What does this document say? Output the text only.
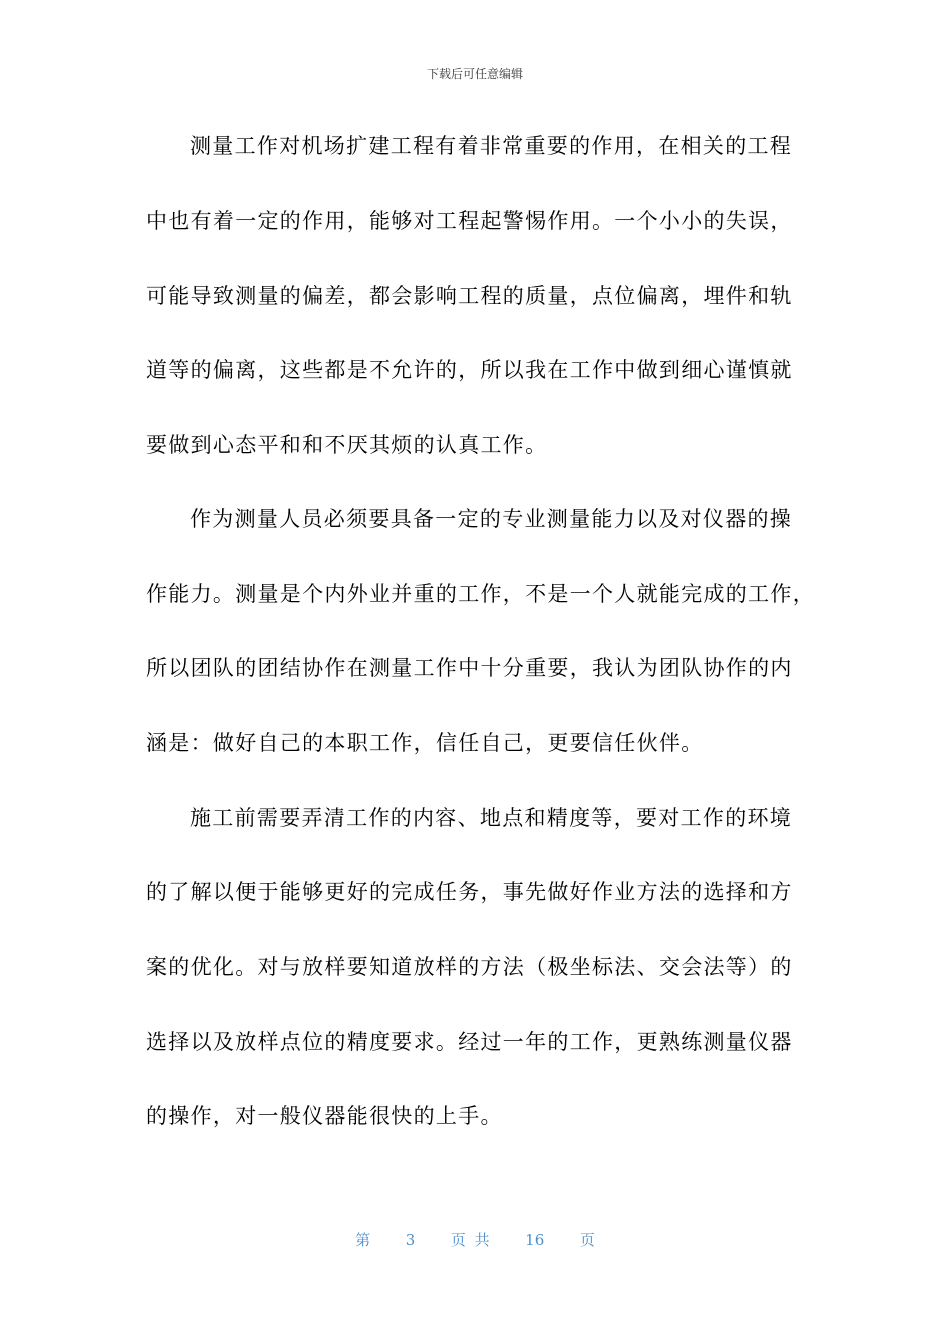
下载后可任意编辑
测量工作对机场扩建工程有着非常重要的作用，在相关的工程
中也有着一定的作用，能够对工程起警惕作用。一个小小的失误，
可能导致测量的偏差，都会影响工程的质量，点位偏离，埋件和轨
道等的偏离，这些都是不允许的，所以我在工作中做到细心谨慎就
要做到心态平和和不厌其烦的认真工作。
作为测量人员必须要具备一定的专业测量能力以及对仪器的操
作能力。测量是个内外业并重的工作，不是一个人就能完成的工作，
所以团队的团结协作在测量工作中十分重要，我认为团队协作的内
涵是：做好自己的本职工作，信任自己，更要信任伙伴。
施工前需要弄清工作的内容、地点和精度等，要对工作的环境
的了解以便于能够更好的完成任务，事先做好作业方法的选择和方
案的优化。对与放样要知道放样的方法（极坐标法、交会法等）的
选择以及放样点位的精度要求。经过一年的工作，更熟练测量仪器
的操作，对一般仪器能很快的上手。
第 3 页 共 16 页
